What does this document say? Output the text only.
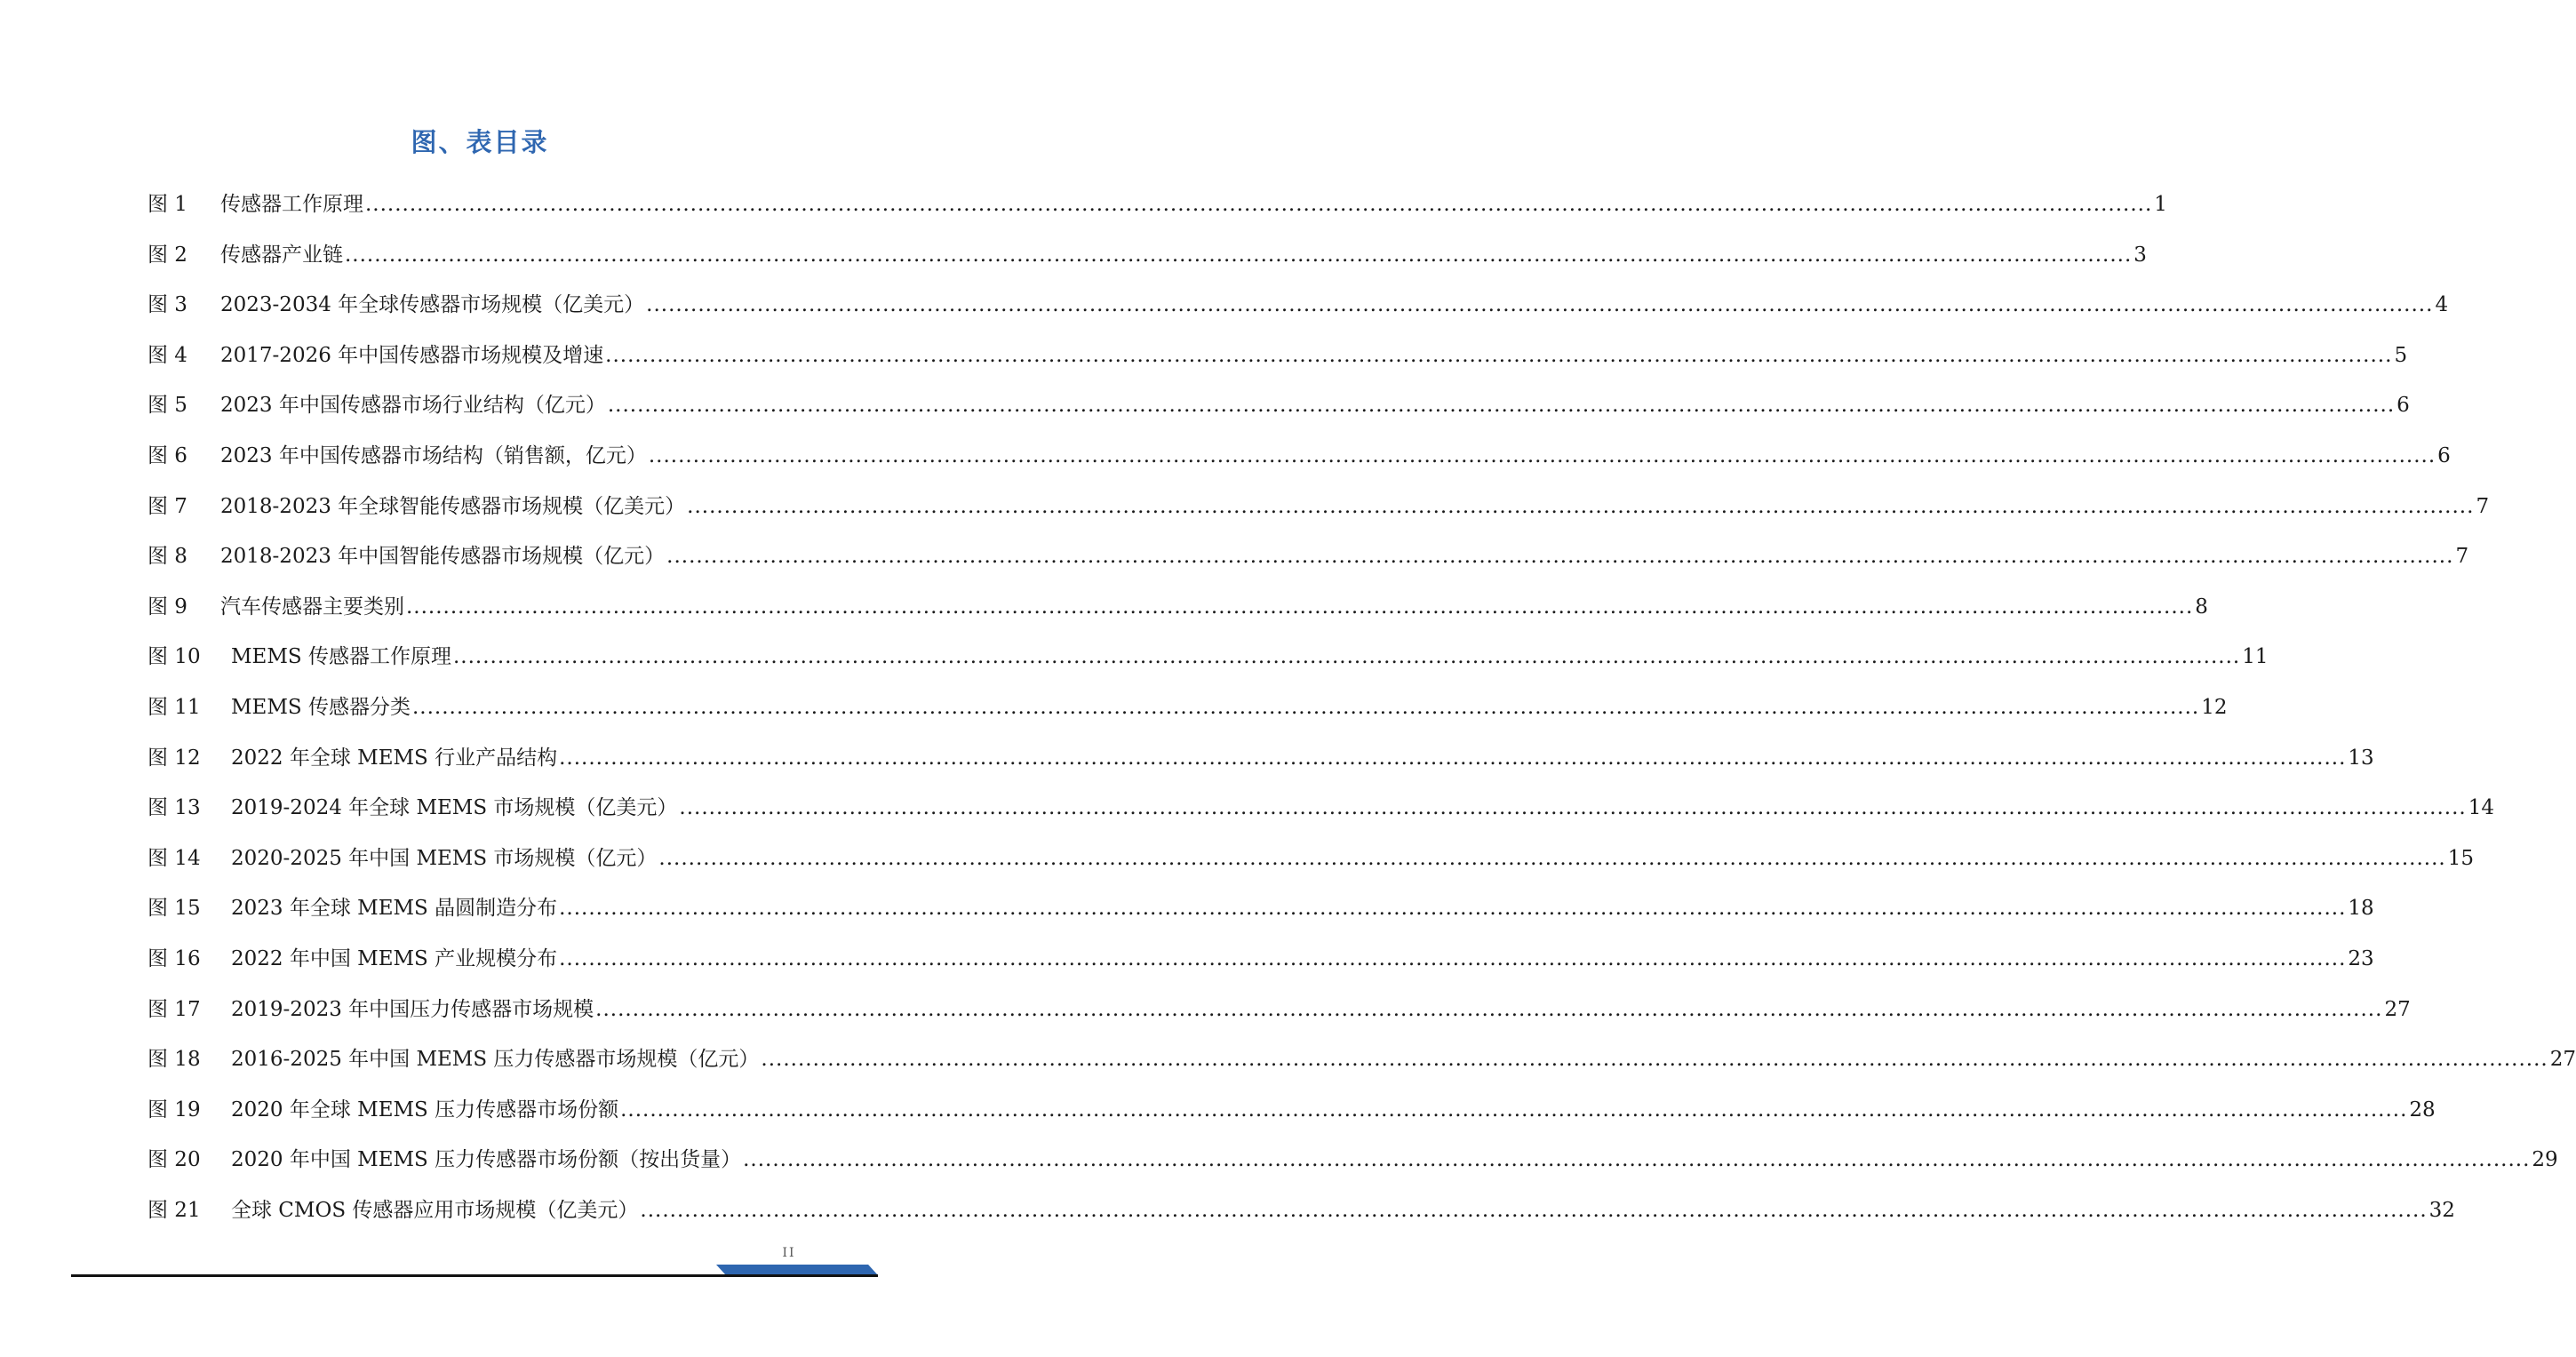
图、表目录
图 1	传感器工作原理 .................................................................................................................................................................................................................................................. 1
图 2	传感器产业链 .................................................................................................................................................................................................................................................. 3
图 3	2023-2034 年全球传感器市场规模（亿美元） .................................................................................................................................................................................................................................................. 4
图 4	2017-2026 年中国传感器市场规模及增速 .................................................................................................................................................................................................................................................. 5
图 5	2023 年中国传感器市场行业结构（亿元） .................................................................................................................................................................................................................................................. 6
图 6	2023 年中国传感器市场结构（销售额，亿元） .................................................................................................................................................................................................................................................. 6
图 7	2018-2023 年全球智能传感器市场规模（亿美元） .................................................................................................................................................................................................................................................. 7
图 8	2018-2023 年中国智能传感器市场规模（亿元） .................................................................................................................................................................................................................................................. 7
图 9	汽车传感器主要类别 .................................................................................................................................................................................................................................................. 8
图 10	MEMS 传感器工作原理 .................................................................................................................................................................................................................................................. 11
图 11	MEMS 传感器分类 .................................................................................................................................................................................................................................................. 12
图 12	2022 年全球 MEMS 行业产品结构 .................................................................................................................................................................................................................................................. 13
图 13	2019-2024 年全球 MEMS 市场规模（亿美元） .................................................................................................................................................................................................................................................. 14
图 14	2020-2025 年中国 MEMS 市场规模（亿元） .................................................................................................................................................................................................................................................. 15
图 15	2023 年全球 MEMS 晶圆制造分布 .................................................................................................................................................................................................................................................. 18
图 16	2022 年中国 MEMS 产业规模分布 .................................................................................................................................................................................................................................................. 23
图 17	2019-2023 年中国压力传感器市场规模 .................................................................................................................................................................................................................................................. 27
图 18	2016-2025 年中国 MEMS 压力传感器市场规模（亿元） .................................................................................................................................................................................................................................................. 27
图 19	2020 年全球 MEMS 压力传感器市场份额 .................................................................................................................................................................................................................................................. 28
图 20	2020 年中国 MEMS 压力传感器市场份额（按出货量） .................................................................................................................................................................................................................................................. 29
图 21	全球 CMOS 传感器应用市场规模（亿美元） .................................................................................................................................................................................................................................................. 32
II
